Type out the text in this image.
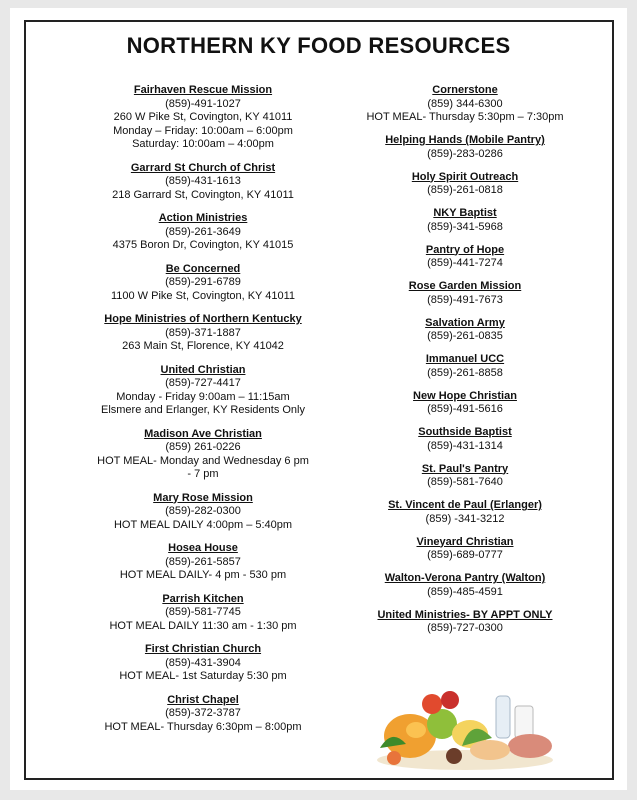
NORTHERN KY FOOD RESOURCES
Fairhaven Rescue Mission
(859)-491-1027
260 W Pike St, Covington, KY 41011
Monday – Friday: 10:00am – 6:00pm
Saturday: 10:00am – 4:00pm
Garrard St Church of Christ
(859)-431-1613
218 Garrard St, Covington, KY 41011
Action Ministries
(859)-261-3649
4375 Boron Dr, Covington, KY 41015
Be Concerned
(859)-291-6789
1100 W Pike St, Covington, KY 41011
Hope Ministries of Northern Kentucky
(859)-371-1887
263 Main St, Florence, KY 41042
United Christian
(859)-727-4417
Monday - Friday 9:00am – 11:15am
Elsmere and Erlanger, KY Residents Only
Madison Ave Christian
(859) 261-0226
HOT MEAL- Monday and Wednesday 6 pm
- 7 pm
Mary Rose Mission
(859)-282-0300
HOT MEAL DAILY 4:00pm – 5:40pm
Hosea House
(859)-261-5857
HOT MEAL DAILY- 4 pm - 530 pm
Parrish Kitchen
(859)-581-7745
HOT MEAL DAILY 11:30 am - 1:30 pm
First Christian Church
(859)-431-3904
HOT MEAL- 1st Saturday 5:30 pm
Christ Chapel
(859)-372-3787
HOT MEAL- Thursday 6:30pm – 8:00pm
Cornerstone
(859) 344-6300
HOT MEAL- Thursday 5:30pm – 7:30pm
Helping Hands (Mobile Pantry)
(859)-283-0286
Holy Spirit Outreach
(859)-261-0818
NKY Baptist
(859)-341-5968
Pantry of Hope
(859)-441-7274
Rose Garden Mission
(859)-491-7673
Salvation Army
(859)-261-0835
Immanuel UCC
(859)-261-8858
New Hope Christian
(859)-491-5616
Southside Baptist
(859)-431-1314
St. Paul's Pantry
(859)-581-7640
St. Vincent de Paul (Erlanger)
(859) -341-3212
Vineyard Christian
(859)-689-0777
Walton-Verona Pantry (Walton)
(859)-485-4591
United Ministries- BY APPT ONLY
(859)-727-0300
